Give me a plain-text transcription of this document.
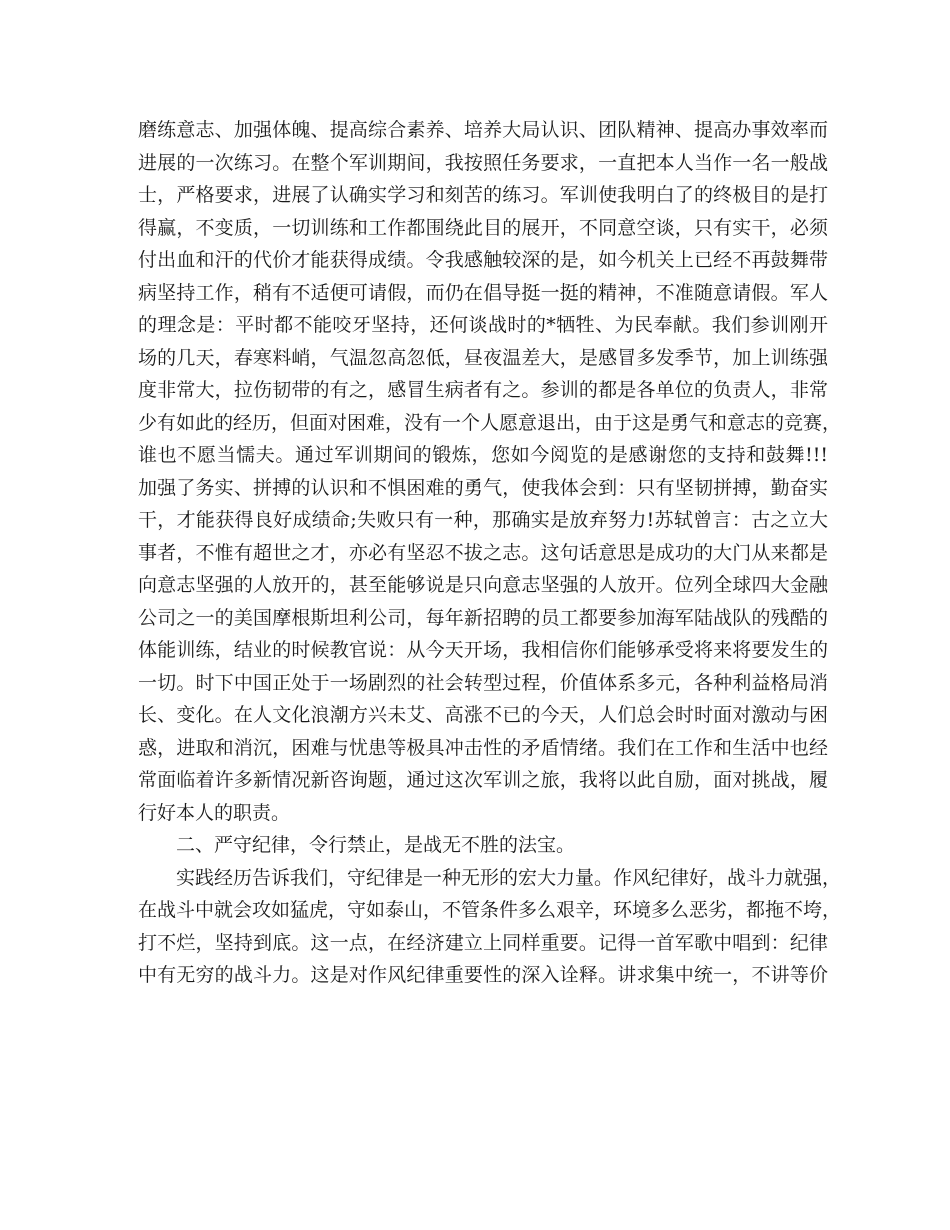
磨练意志、加强体魄、提高综合素养、培养大局认识、团队精神、提高办事效率而
进展的一次练习。在整个军训期间，我按照任务要求，一直把本人当作一名一般战
士，严格要求，进展了认确实学习和刻苦的练习。军训使我明白了的终极目的是打
得赢，不变质，一切训练和工作都围绕此目的展开，不同意空谈，只有实干，必须
付出血和汗的代价才能获得成绩。令我感触较深的是，如今机关上已经不再鼓舞带
病坚持工作，稍有不适便可请假，而仍在倡导挺一挺的精神，不准随意请假。军人
的理念是：平时都不能咬牙坚持，还何谈战时的*牺牲、为民奉献。我们参训刚开
场的几天，春寒料峭，气温忽高忽低，昼夜温差大，是感冒多发季节，加上训练强
度非常大，拉伤韧带的有之，感冒生病者有之。参训的都是各单位的负责人，非常
少有如此的经历，但面对困难，没有一个人愿意退出，由于这是勇气和意志的竞赛，
谁也不愿当懦夫。通过军训期间的锻炼，您如今阅览的是感谢您的支持和鼓舞!!!
加强了务实、拼搏的认识和不惧困难的勇气，使我体会到：只有坚韧拼搏，勤奋实
干，才能获得良好成绩命;失败只有一种，那确实是放弃努力!苏轼曾言：古之立大
事者，不惟有超世之才，亦必有坚忍不拔之志。这句话意思是成功的大门从来都是
向意志坚强的人放开的，甚至能够说是只向意志坚强的人放开。位列全球四大金融
公司之一的美国摩根斯坦利公司，每年新招聘的员工都要参加海军陆战队的残酷的
体能训练，结业的时候教官说：从今天开场，我相信你们能够承受将来将要发生的
一切。时下中国正处于一场剧烈的社会转型过程，价值体系多元，各种利益格局消
长、变化。在人文化浪潮方兴未艾、高涨不已的今天，人们总会时时面对激动与困
惑，进取和消沉，困难与忧患等极具冲击性的矛盾情绪。我们在工作和生活中也经
常面临着许多新情况新咨询题，通过这次军训之旅，我将以此自励，面对挑战，履
行好本人的职责。
二、严守纪律，令行禁止，是战无不胜的法宝。
实践经历告诉我们，守纪律是一种无形的宏大力量。作风纪律好，战斗力就强，
在战斗中就会攻如猛虎，守如泰山，不管条件多么艰辛，环境多么恶劣，都拖不垮，
打不烂，坚持到底。这一点，在经济建立上同样重要。记得一首军歌中唱到：纪律
中有无穷的战斗力。这是对作风纪律重要性的深入诠释。讲求集中统一，不讲等价
